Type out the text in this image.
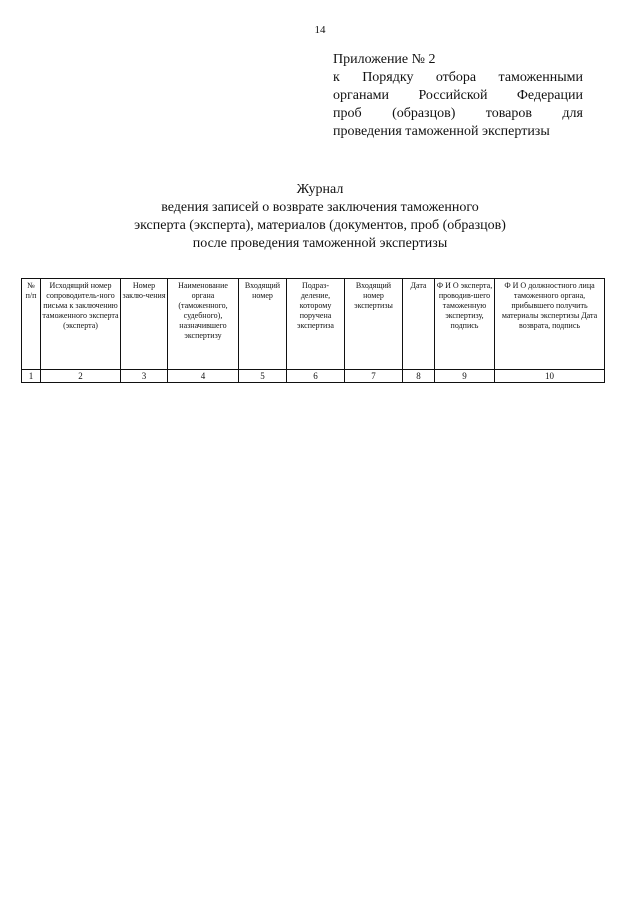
14
Приложение № 2
к Порядку отбора таможенными
органами Российской Федерации
проб (образцов) товаров для
проведения таможенной экспертизы
Журнал
ведения записей о возврате заключения таможенного
эксперта (эксперта), материалов (документов, проб (образцов)
после проведения таможенной экспертизы
№ п/п	Исходящий номер сопроводитель-ного письма к заключению таможенного эксперта (эксперта)	Номер заклю-чения	Наименование органа (таможенного, судебного), назначившего экспертизу	Входящий номер	Подраз-деление, которому поручена экспертиза	Входящий номер экспертизы	Дата	Ф И О эксперта, проводив-шего таможенную экспертизу, подпись	Ф И О должностного лица таможенного органа, прибывшего получить материалы экспертизы Дата возврата, подпись
1	2	3	4	5	6	7	8	9	10
